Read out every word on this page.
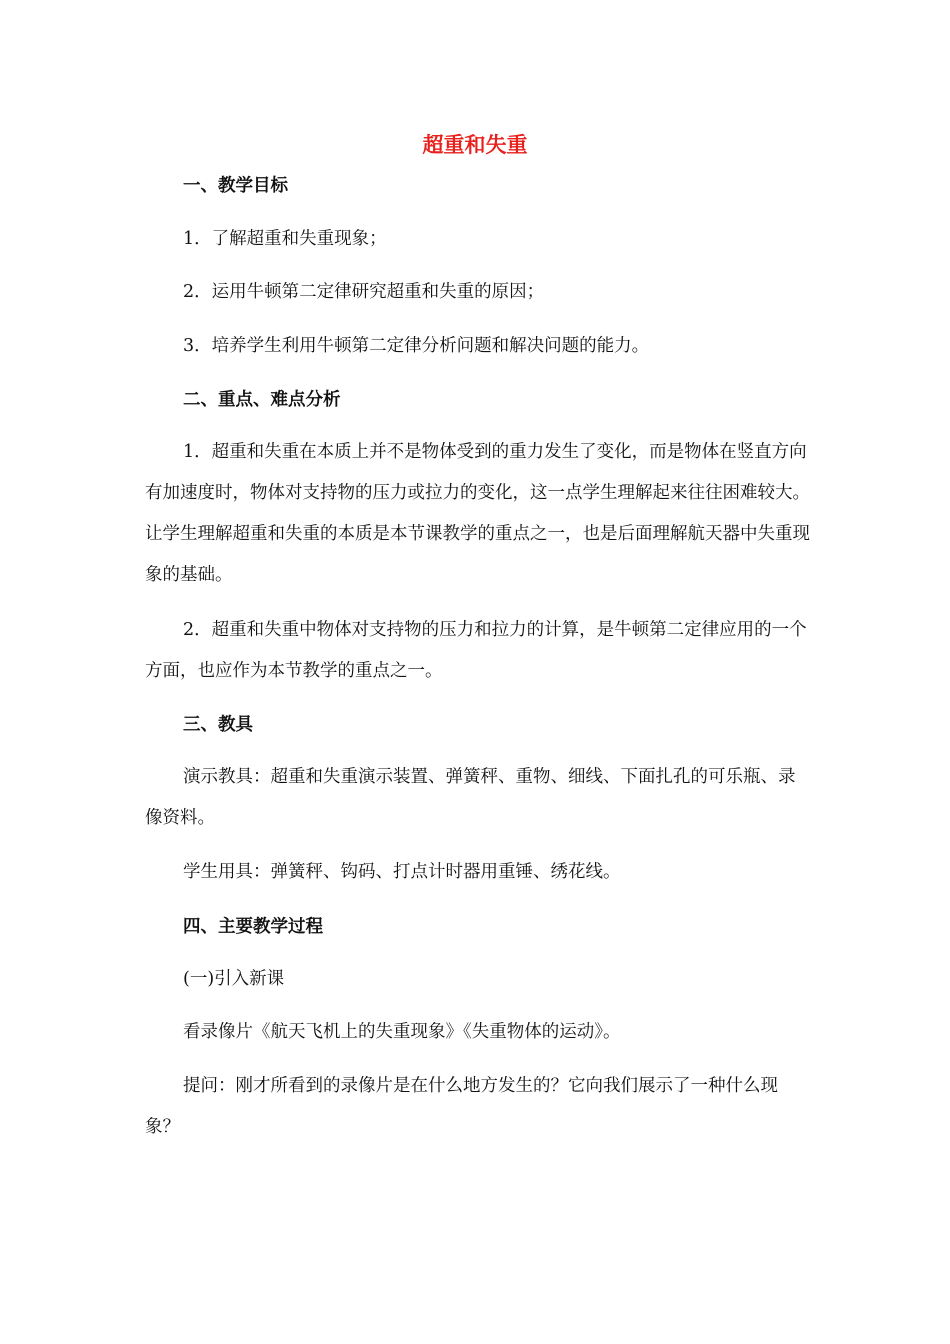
超重和失重
一、教学目标

1．了解超重和失重现象；

2．运用牛顿第二定律研究超重和失重的原因；

3．培养学生利用牛顿第二定律分析问题和解决问题的能力。

二、重点、难点分析

1．超重和失重在本质上并不是物体受到的重力发生了变化，而是物体在竖直方向有加速度时，物体对支持物的压力或拉力的变化，这一点学生理解起来往往困难较大。让学生理解超重和失重的本质是本节课教学的重点之一，也是后面理解航天器中失重现象的基础。

2．超重和失重中物体对支持物的压力和拉力的计算，是牛顿第二定律应用的一个方面，也应作为本节教学的重点之一。

三、教具

演示教具：超重和失重演示装置、弹簧秤、重物、细线、下面扎孔的可乐瓶、录像资料。

学生用具：弹簧秤、钩码、打点计时器用重锤、绣花线。

四、主要教学过程

(一)引入新课

看录像片《航天飞机上的失重现象》《失重物体的运动》。

提问：刚才所看到的录像片是在什么地方发生的？它向我们展示了一种什么现象？
